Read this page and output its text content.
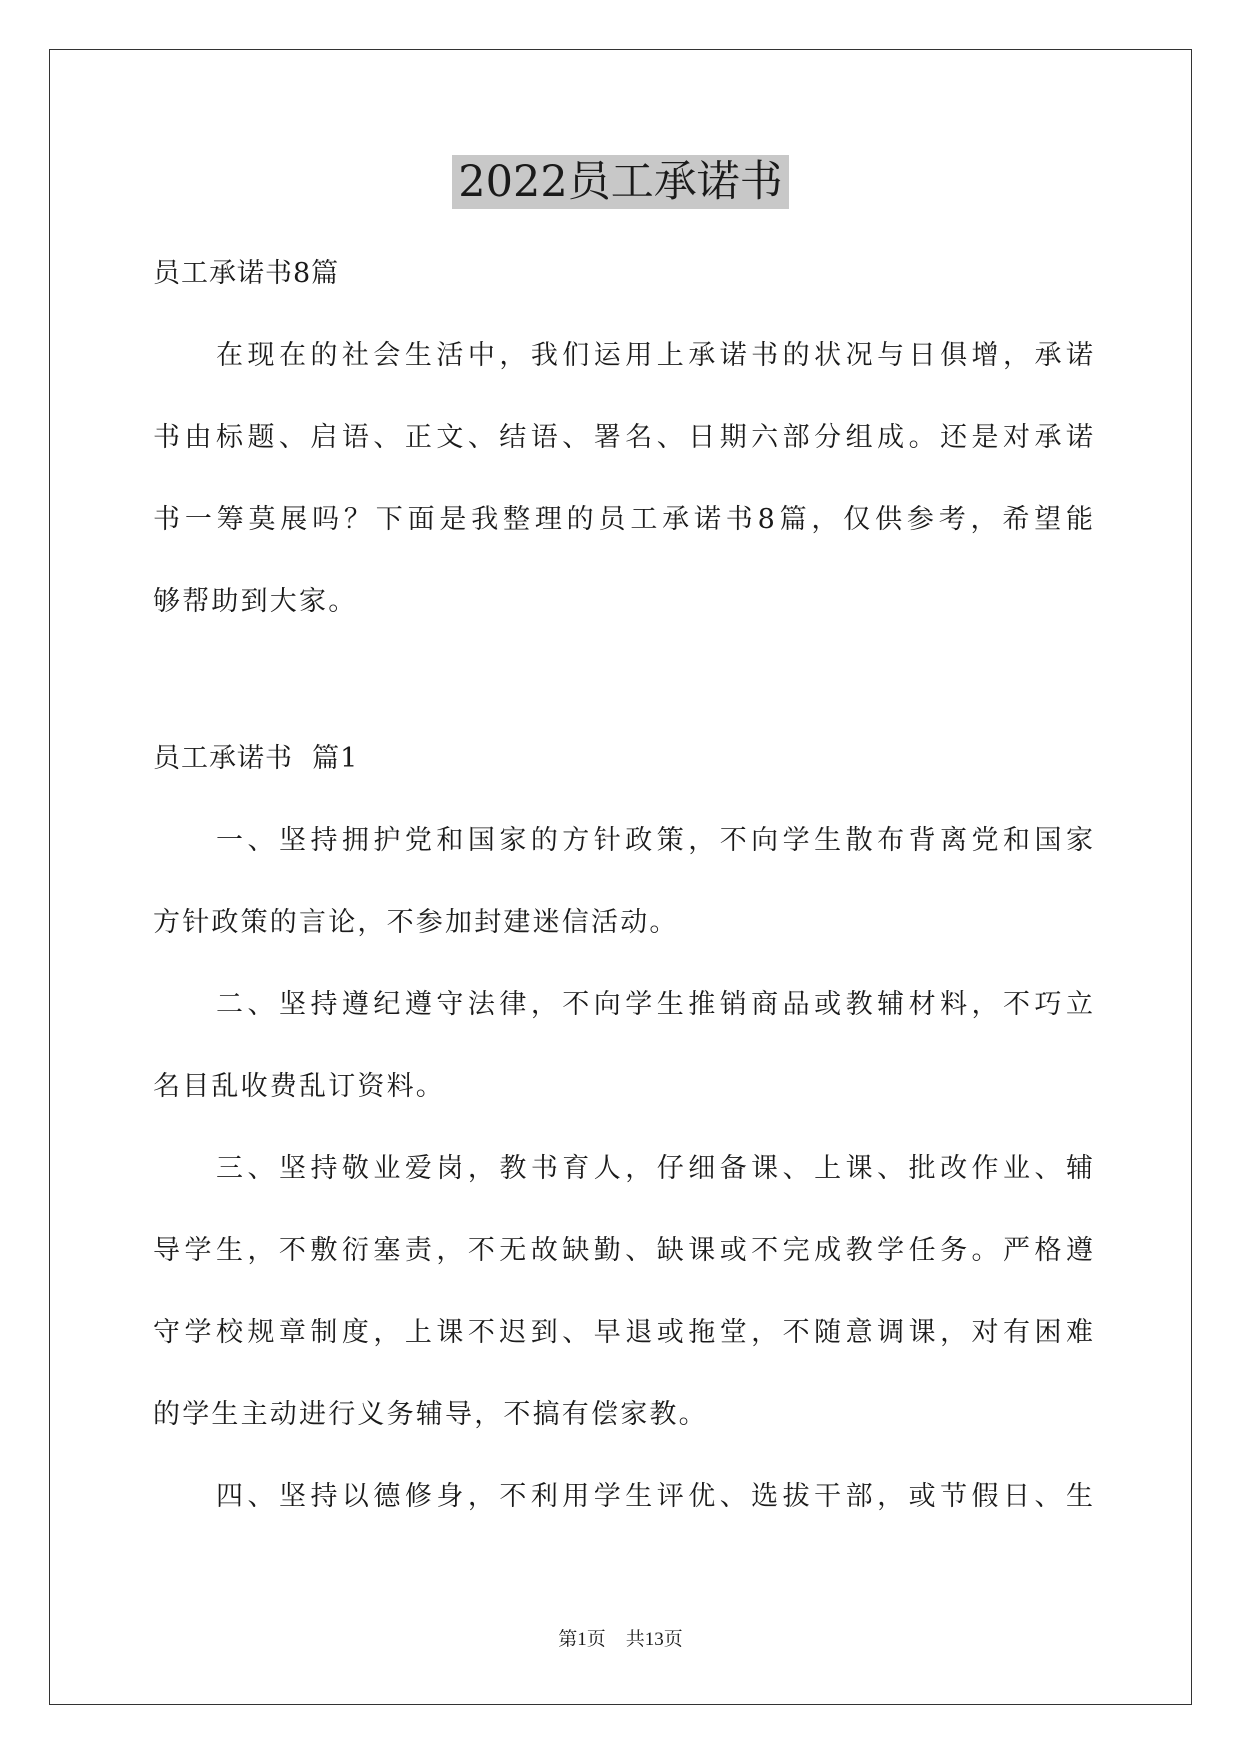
2022员工承诺书
员工承诺书8篇
在现在的社会生活中，我们运用上承诺书的状况与日俱增，承诺
书由标题、启语、正文、结语、署名、日期六部分组成。还是对承诺
书一筹莫展吗？下面是我整理的员工承诺书8篇，仅供参考，希望能
够帮助到大家。
员工承诺书  篇1
一、坚持拥护党和国家的方针政策，不向学生散布背离党和国家
方针政策的言论，不参加封建迷信活动。
二、坚持遵纪遵守法律，不向学生推销商品或教辅材料，不巧立
名目乱收费乱订资料。
三、坚持敬业爱岗，教书育人，仔细备课、上课、批改作业、辅
导学生，不敷衍塞责，不无故缺勤、缺课或不完成教学任务。严格遵
守学校规章制度，上课不迟到、早退或拖堂，不随意调课，对有困难
的学生主动进行义务辅导，不搞有偿家教。
四、坚持以德修身，不利用学生评优、选拔干部，或节假日、生
第1页 共13页
